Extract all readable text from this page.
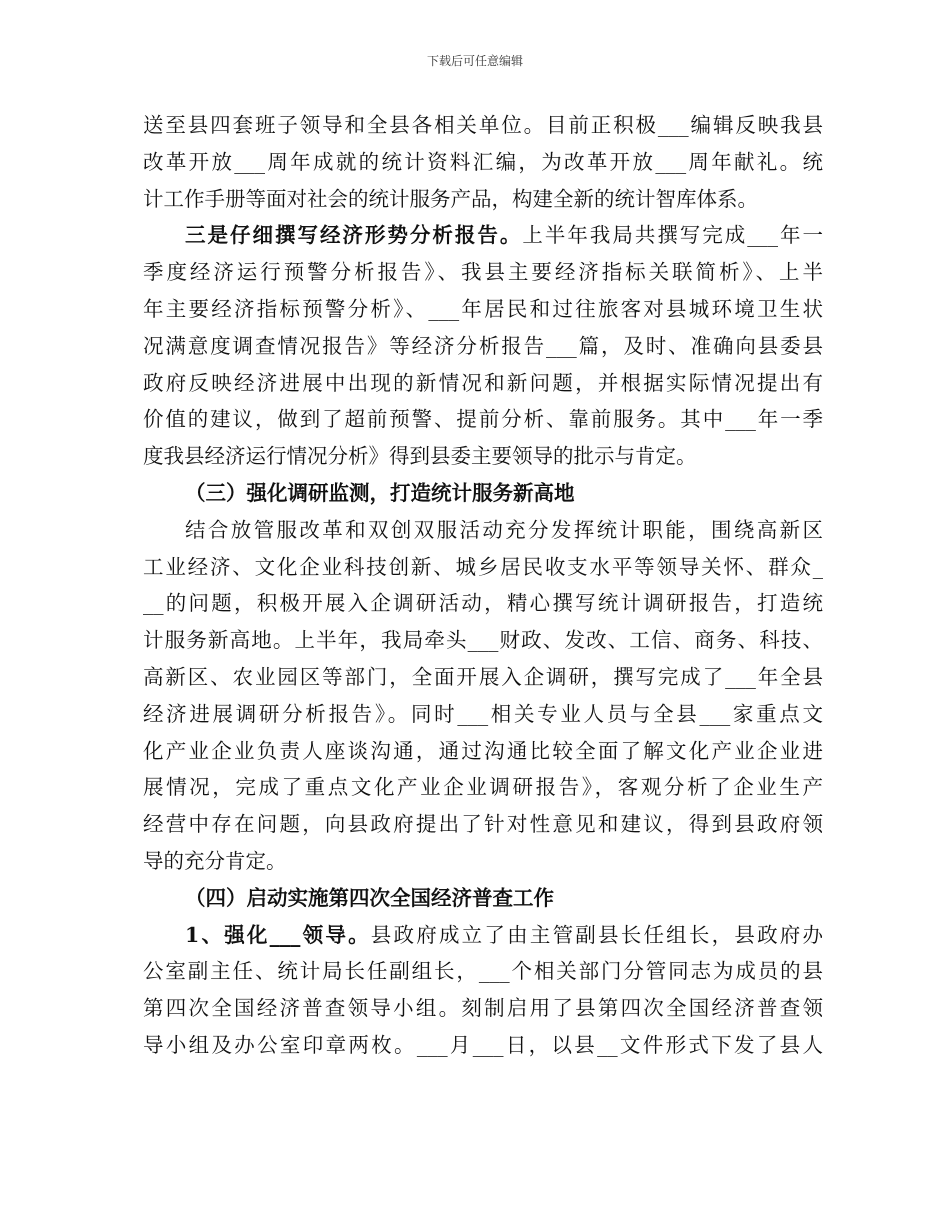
下载后可任意编辑
送至县四套班子领导和全县各相关单位。目前正积极___编辑反映我县
改革开放___周年成就的统计资料汇编，为改革开放___周年献礼。统
计工作手册等面对社会的统计服务产品，构建全新的统计智库体系。
三是仔细撰写经济形势分析报告。上半年我局共撰写完成___年一
季度经济运行预警分析报告》、我县主要经济指标关联简析》、上半
年主要经济指标预警分析》、___年居民和过往旅客对县城环境卫生状
况满意度调查情况报告》等经济分析报告___篇，及时、准确向县委县
政府反映经济进展中出现的新情况和新问题，并根据实际情况提出有
价值的建议，做到了超前预警、提前分析、靠前服务。其中___年一季
度我县经济运行情况分析》得到县委主要领导的批示与肯定。
（三）强化调研监测，打造统计服务新高地
结合放管服改革和双创双服活动充分发挥统计职能，围绕高新区
工业经济、文化企业科技创新、城乡居民收支水平等领导关怀、群众_
__的问题，积极开展入企调研活动，精心撰写统计调研报告，打造统
计服务新高地。上半年，我局牵头___财政、发改、工信、商务、科技、
高新区、农业园区等部门，全面开展入企调研，撰写完成了___年全县
经济进展调研分析报告》。同时___相关专业人员与全县___家重点文
化产业企业负责人座谈沟通，通过沟通比较全面了解文化产业企业进
展情况，完成了重点文化产业企业调研报告》，客观分析了企业生产
经营中存在问题，向县政府提出了针对性意见和建议，得到县政府领
导的充分肯定。
（四）启动实施第四次全国经济普查工作
1、强化___领导。县政府成立了由主管副县长任组长，县政府办
公室副主任、统计局长任副组长，___个相关部门分管同志为成员的县
第四次全国经济普查领导小组。刻制启用了县第四次全国经济普查领
导小组及办公室印章两枚。___月___日，以县__文件形式下发了县人
